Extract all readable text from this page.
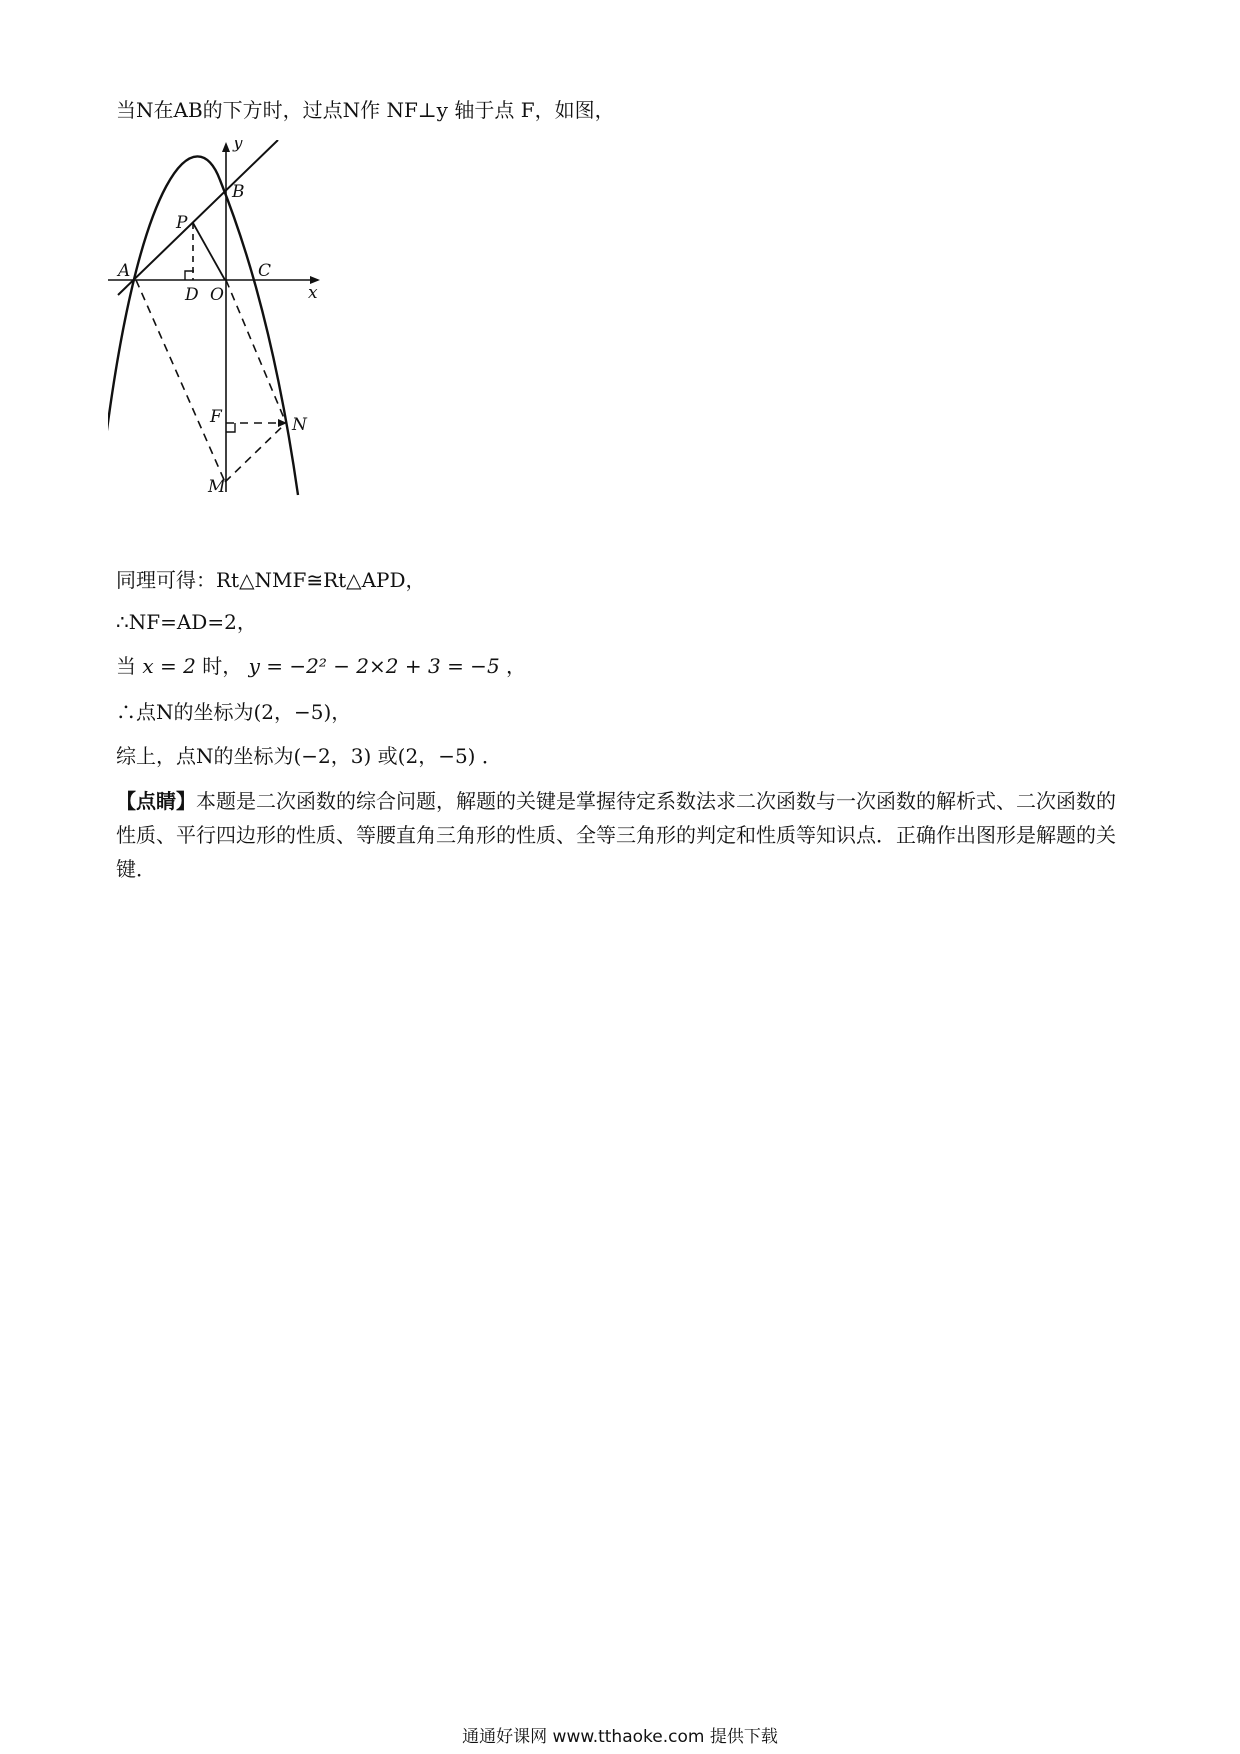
当N在AB的下方时，过点N作 NF⊥y 轴于点 F，如图，
y
x
B
P
A	C
D O
F	N
M
同理可得：Rt△NMF≅Rt△APD，
∴NF=AD=2，
当 x = 2 时， y = −2² − 2×2 + 3 = −5 ，
∴点N的坐标为(2，−5)，
综上，点N的坐标为(−2，3) 或(2，−5) ．
【点睛】本题是二次函数的综合问题，解题的关键是掌握待定系数法求二次函数与一次函数的解析式、二次函数的性质、平行四边形的性质、等腰直角三角形的性质、全等三角形的判定和性质等知识点．正确作出图形是解题的关键．
通通好课网 www.tthaoke.com 提供下载
